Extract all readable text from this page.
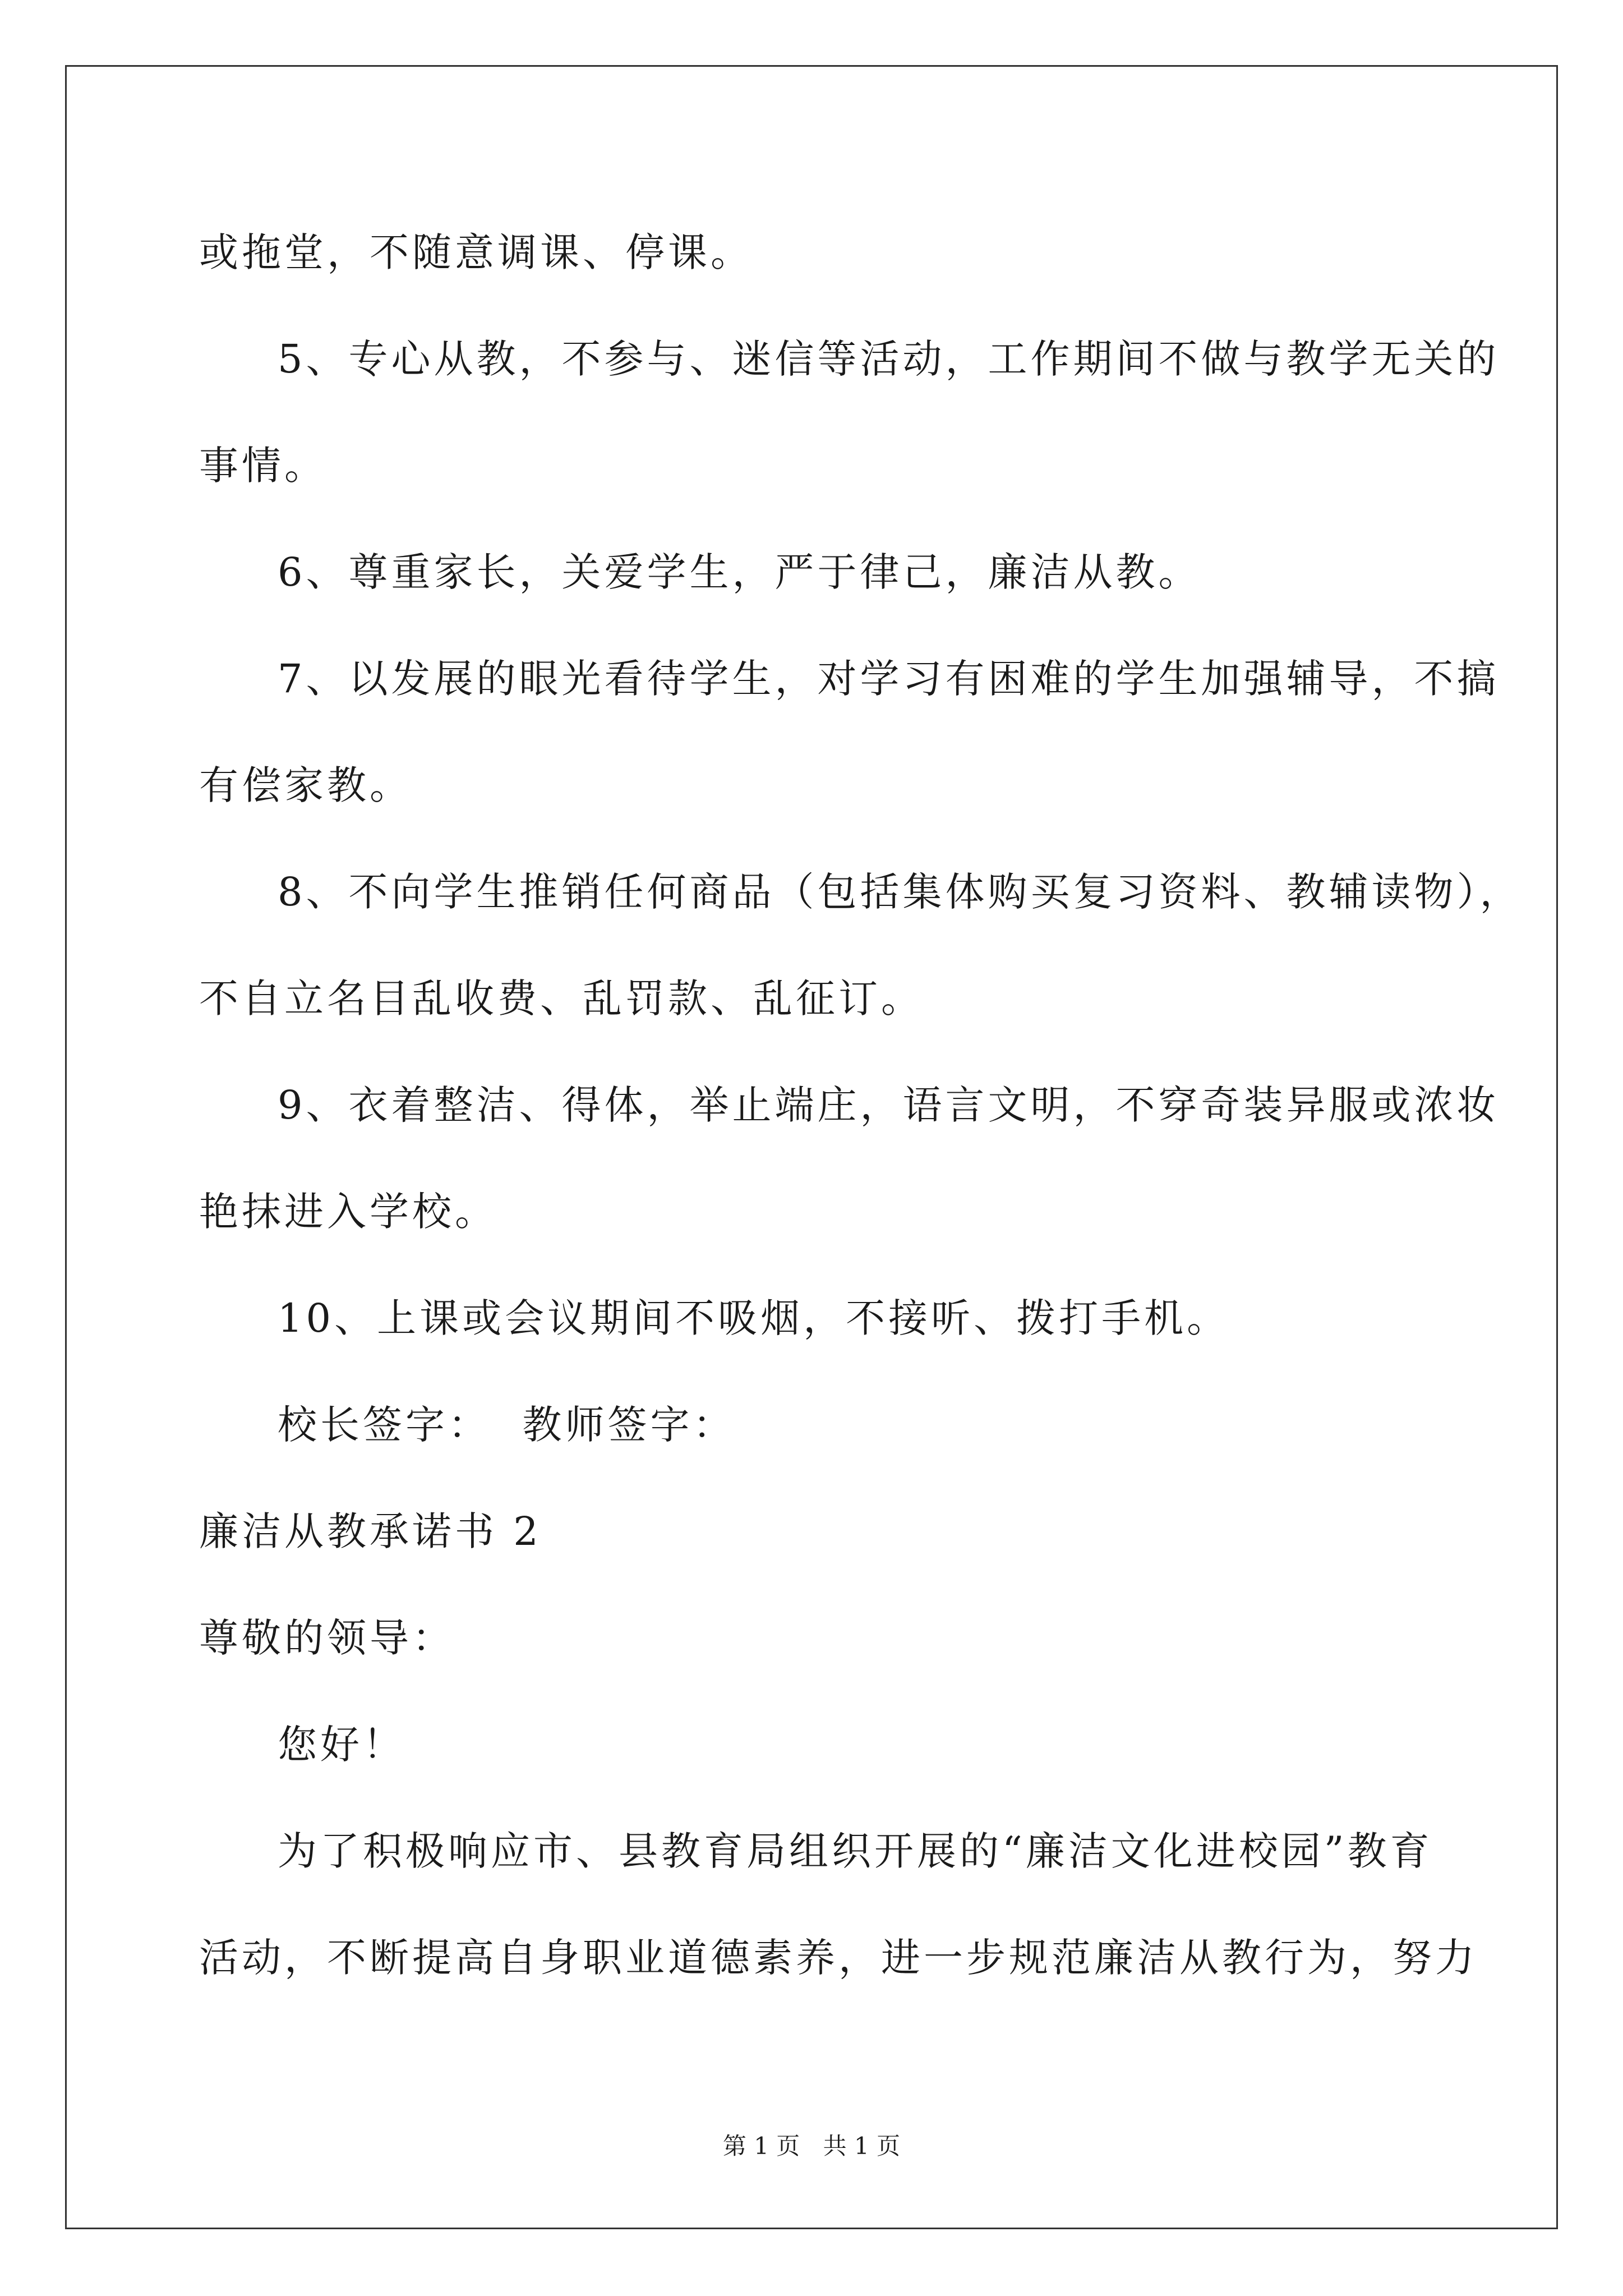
或拖堂，不随意调课、停课。
5、专心从教，不参与、迷信等活动，工作期间不做与教学无关的
事情。
6、尊重家长，关爱学生，严于律己，廉洁从教。
7、以发展的眼光看待学生，对学习有困难的学生加强辅导，不搞
有偿家教。
8、不向学生推销任何商品（包括集体购买复习资料、教辅读物），
不自立名目乱收费、乱罚款、乱征订。
9、衣着整洁、得体，举止端庄，语言文明，不穿奇装异服或浓妆
艳抹进入学校。
10、上课或会议期间不吸烟，不接听、拨打手机。
校长签字：  教师签字：
廉洁从教承诺书 2
尊敬的领导：
您好！
为了积极响应市、县教育局组织开展的“廉洁文化进校园”教育
活动，不断提高自身职业道德素养，进一步规范廉洁从教行为，努力
第 1 页 共 1 页
